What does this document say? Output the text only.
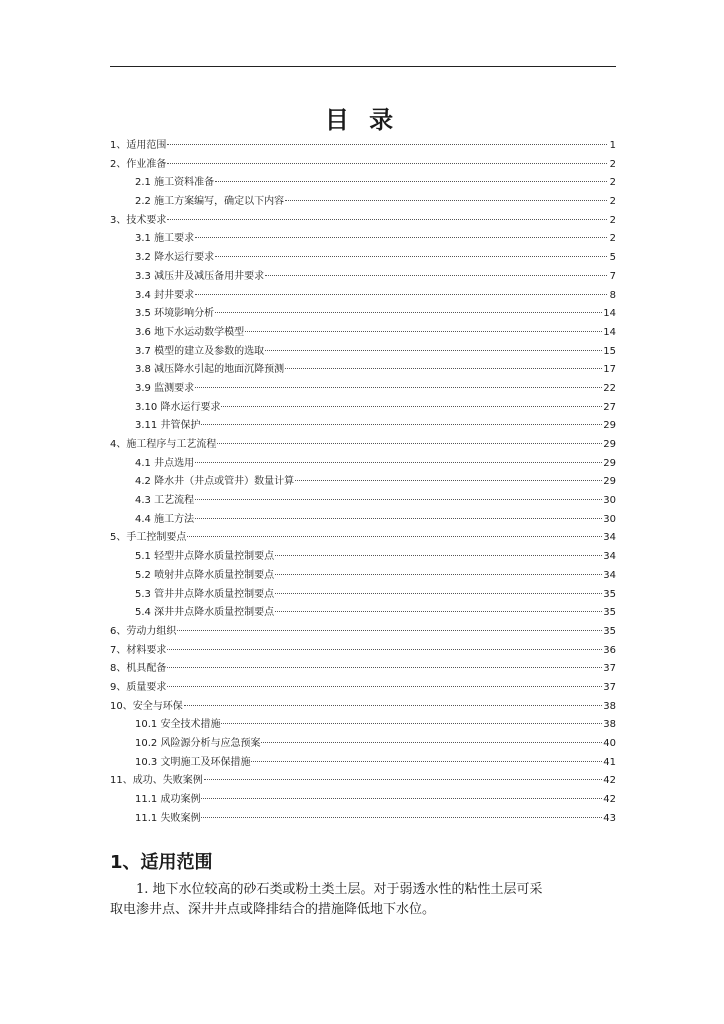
目 录
1、适用范围	1
2、作业准备	2
2.1 施工资料准备	2
2.2 施工方案编写，确定以下内容	2
3、技术要求	2
3.1 施工要求	2
3.2 降水运行要求	5
3.3 减压井及减压备用井要求	7
3.4 封井要求	8
3.5 环境影响分析	14
3.6 地下水运动数学模型	14
3.7 模型的建立及参数的选取	15
3.8 减压降水引起的地面沉降预测	17
3.9 监测要求	22
3.10 降水运行要求	27
3.11 井管保护	29
4、施工程序与工艺流程	29
4.1 井点选用	29
4.2 降水井（井点或管井）数量计算	29
4.3 工艺流程	30
4.4 施工方法	30
5、手工控制要点	34
5.1 轻型井点降水质量控制要点	34
5.2 喷射井点降水质量控制要点	34
5.3 管井井点降水质量控制要点	35
5.4 深井井点降水质量控制要点	35
6、劳动力组织	35
7、材料要求	36
8、机具配备	37
9、质量要求	37
10、安全与环保	38
10.1 安全技术措施	38
10.2 风险源分析与应急预案	40
10.3 文明施工及环保措施	41
11、成功、失败案例	42
11.1 成功案例	42
11.1 失败案例	43
1、适用范围
1. 地下水位较高的砂石类或粉土类土层。对于弱透水性的粘性土层可采
取电渗井点、深井井点或降排结合的措施降低地下水位。
